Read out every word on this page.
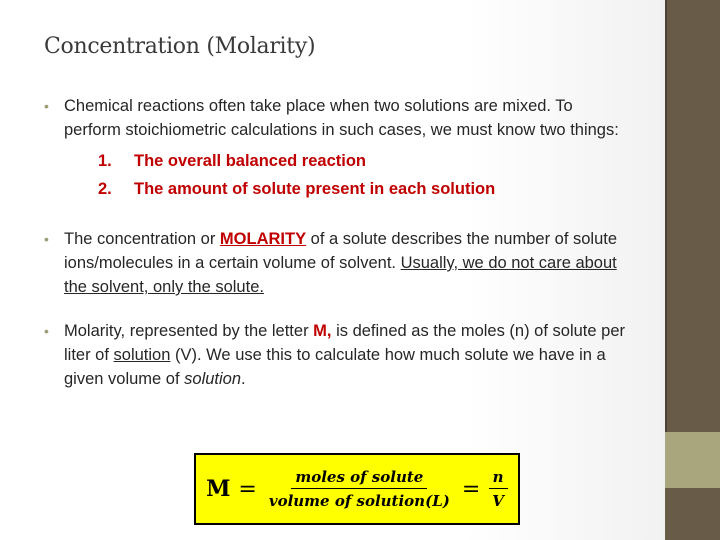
Concentration (Molarity)
• Chemical reactions often take place when two solutions are mixed. To perform stoichiometric calculations in such cases, we must know two things:
1. The overall balanced reaction
2. The amount of solute present in each solution
• The concentration or MOLARITY of a solute describes the number of solute ions/molecules in a certain volume of solvent. Usually, we do not care about the solvent, only the solute.
• Molarity, represented by the letter M, is defined as the moles (n) of solute per liter of solution (V). We use this to calculate how much solute we have in a given volume of solution.
$M = \frac{\text{moles of solute}}{\text{volume of solution(L)}} = \frac{n}{V}$
